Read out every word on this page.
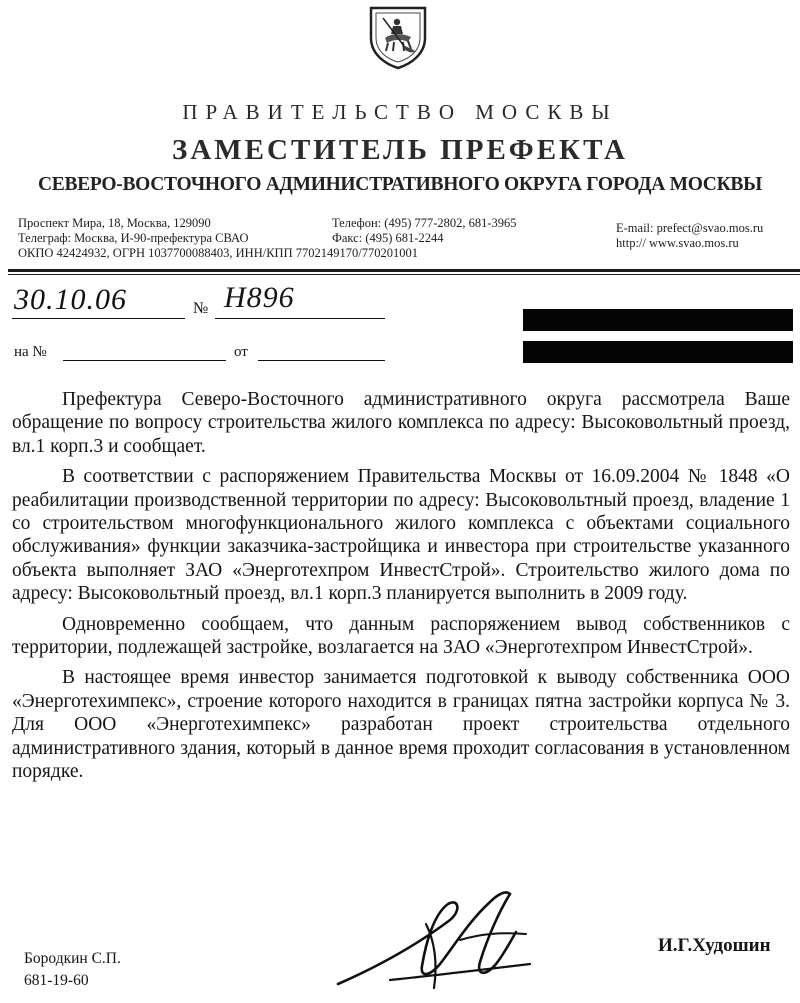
ПРАВИТЕЛЬСТВО МОСКВЫ
ЗАМЕСТИТЕЛЬ ПРЕФЕКТА
СЕВЕРО-ВОСТОЧНОГО АДМИНИСТРАТИВНОГО ОКРУГА ГОРОДА МОСКВЫ
Проспект Мира, 18, Москва, 129090
Телеграф: Москва, И-90-префектура СВАО
ОКПО 42424932, ОГРН 1037700088403, ИНН/КПП 7702149170/770201001
Телефон: (495) 777-2802, 681-3965
Факс: (495) 681-2244
E-mail: prefect@svao.mos.ru
http:// www.svao.mos.ru
30.10.06	№ Н896
на №	от

Префектура Северо-Восточного административного округа рассмотрела Ваше обращение по вопросу строительства жилого комплекса по адресу: Высоковольтный проезд, вл.1 корп.3 и сообщает.

В соответствии с распоряжением Правительства Москвы от 16.09.2004 № 1848 «О реабилитации производственной территории по адресу: Высоковольтный проезд, владение 1 со строительством многофункционального жилого комплекса с объектами социального обслуживания» функции заказчика-застройщика и инвестора при строительстве указанного объекта выполняет ЗАО «Энерготехпром ИнвестСтрой». Строительство жилого дома по адресу: Высоковольтный проезд, вл.1 корп.3 планируется выполнить в 2009 году.

Одновременно сообщаем, что данным распоряжением вывод собственников с территории, подлежащей застройке, возлагается на ЗАО «Энерготехпром ИнвестСтрой».

В настоящее время инвестор занимается подготовкой к выводу собственника ООО «Энерготехимпекс», строение которого находится в границах пятна застройки корпуса № 3. Для ООО «Энерготехимпекс» разработан проект строительства отдельного административного здания, который в данное время проходит согласования в установленном порядке.

И.Г.Худошин
Бородкин С.П.
681-19-60
